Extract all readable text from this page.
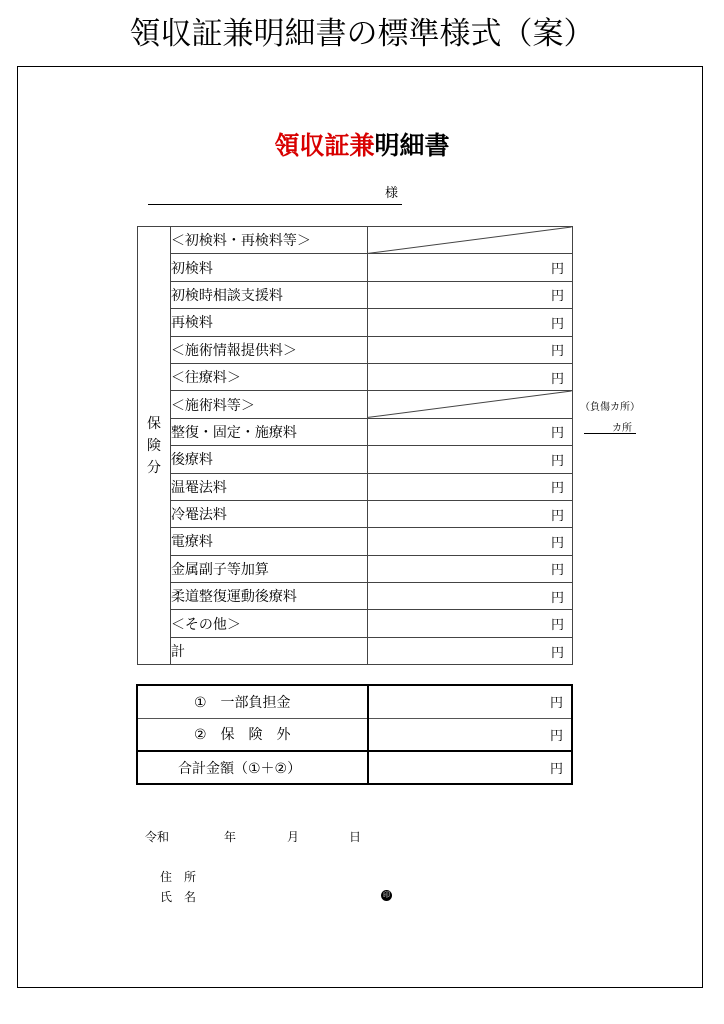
領収証兼明細書の標準様式（案）
領収証兼明細書
様
保
険
分	＜初検料・再検料等＞	

	初検料	円
	初検時相談支援料	円
	再検料	円
	＜施術情報提供料＞	円
	＜往療料＞	円
	＜施術料等＞	

	整復・固定・施療料	円
	後療料	円
	温罨法料	円
	冷罨法料	円
	電療料	円
	金属副子等加算	円
	柔道整復運動後療料	円
	＜その他＞	円
	計	円
①　一部負担金	円
②　保　険　外	円
合計金額（①＋②）	円
（負傷カ所）
カ所
令和	年	月	日
住　所
氏　名	印
